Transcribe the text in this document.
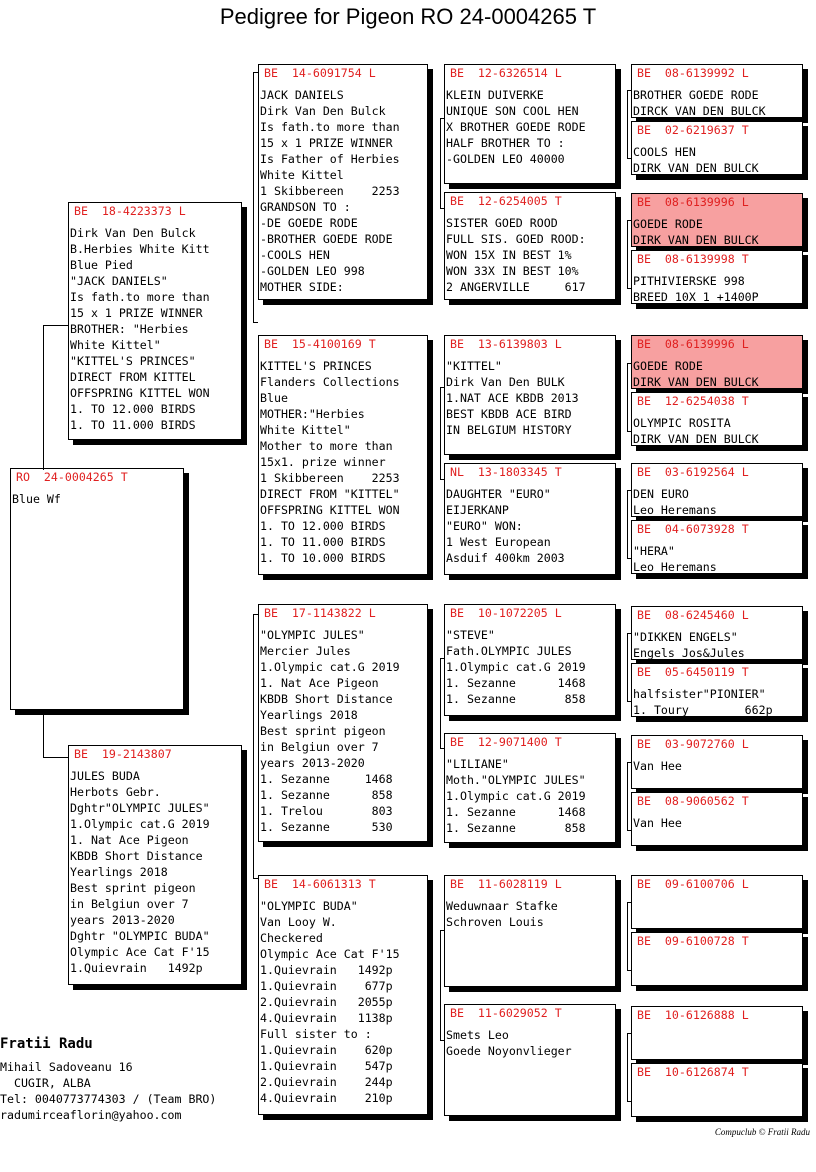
Pedigree for Pigeon RO 24-0004265 T
RO  24-0004265 T
Blue Wf
BE  18-4223373 L
Dirk Van Den Bulck
B.Herbies White Kitt
Blue Pied
"JACK DANIELS"
Is fath.to more than
15 x 1 PRIZE WINNER
BROTHER: "Herbies
White Kittel"
"KITTEL'S PRINCES"
DIRECT FROM KITTEL
OFFSPRING KITTEL WON
1. TO 12.000 BIRDS
1. TO 11.000 BIRDS
BE  19-2143807
JULES BUDA
Herbots Gebr.
Dghtr"OLYMPIC JULES"
1.Olympic cat.G 2019
1. Nat Ace Pigeon
KBDB Short Distance
Yearlings 2018
Best sprint pigeon
in Belgiun over 7
years 2013-2020
Dghtr "OLYMPIC BUDA"
Olympic Ace Cat F'15
1.Quievrain   1492p
BE  14-6091754 L
JACK DANIELS
Dirk Van Den Bulck
Is fath.to more than
15 x 1 PRIZE WINNER
Is Father of Herbies
White Kittel
1 Skibbereen    2253
GRANDSON TO :
-DE GOEDE RODE
-BROTHER GOEDE RODE
-COOLS HEN
-GOLDEN LEO 998
MOTHER SIDE:
BE  15-4100169 T
KITTEL'S PRINCES
Flanders Collections
Blue
MOTHER:"Herbies
White Kittel"
Mother to more than
15x1. prize winner
1 Skibbereen    2253
DIRECT FROM "KITTEL"
OFFSPRING KITTEL WON
1. TO 12.000 BIRDS
1. TO 11.000 BIRDS
1. TO 10.000 BIRDS
BE  17-1143822 L
"OLYMPIC JULES"
Mercier Jules
1.Olympic cat.G 2019
1. Nat Ace Pigeon
KBDB Short Distance
Yearlings 2018
Best sprint pigeon
in Belgiun over 7
years 2013-2020
1. Sezanne     1468
1. Sezanne      858
1. Trelou       803
1. Sezanne      530
BE  14-6061313 T
"OLYMPIC BUDA"
Van Looy W.
Checkered
Olympic Ace Cat F'15
1.Quievrain   1492p
1.Quievrain    677p
2.Quievrain   2055p
4.Quievrain   1138p
Full sister to :
1.Quievrain    620p
1.Quievrain    547p
2.Quievrain    244p
4.Quievrain    210p
BE  12-6326514 L
KLEIN DUIVERKE
UNIQUE SON COOL HEN
X BROTHER GOEDE RODE
HALF BROTHER TO :
-GOLDEN LEO 40000
BE  12-6254005 T
SISTER GOED ROOD
FULL SIS. GOED ROOD:
WON 15X IN BEST 1%
WON 33X IN BEST 10%
2 ANGERVILLE     617
BE  13-6139803 L
"KITTEL"
Dirk Van Den BULK
1.NAT ACE KBDB 2013
BEST KBDB ACE BIRD
IN BELGIUM HISTORY
NL  13-1803345 T
DAUGHTER "EURO"
EIJERKANP
"EURO" WON:
1 West European
Asduif 400km 2003
BE  10-1072205 L
"STEVE"
Fath.OLYMPIC JULES
1.Olympic cat.G 2019
1. Sezanne      1468
1. Sezanne       858
BE  12-9071400 T
"LILIANE"
Moth."OLYMPIC JULES"
1.Olympic cat.G 2019
1. Sezanne      1468
1. Sezanne       858
BE  11-6028119 L
Weduwnaar Stafke
Schroven Louis
BE  11-6029052 T
Smets Leo
Goede Noyonvlieger
BE  08-6139992 L
BROTHER GOEDE RODE
DIRCK VAN DEN BULCK
BE  02-6219637 T
COOLS HEN
DIRK VAN DEN BULCK
BE  08-6139996 L
GOEDE RODE
DIRK VAN DEN BULCK
BE  08-6139998 T
PITHIVIERSKE 998
BREED 10X 1 +1400P
BE  08-6139996 L
GOEDE RODE
DIRK VAN DEN BULCK
BE  12-6254038 T
OLYMPIC ROSITA
DIRK VAN DEN BULCK
BE  03-6192564 L
DEN EURO
Leo Heremans
BE  04-6073928 T
"HERA"
Leo Heremans
BE  08-6245460 L
"DIKKEN ENGELS"
Engels Jos&Jules
BE  05-6450119 T
halfsister"PIONIER"
1. Toury        662p
BE  03-9072760 L
Van Hee
BE  08-9060562 T
Van Hee
BE  09-6100706 L
BE  09-6100728 T
BE  10-6126888 L
BE  10-6126874 T
Fratii Radu
Mihail Sadoveanu 16
CUGIR, ALBA
Tel: 0040773774303 / (Team BRO)
radumirceaflorin@yahoo.com
Compuclub © Fratii Radu
